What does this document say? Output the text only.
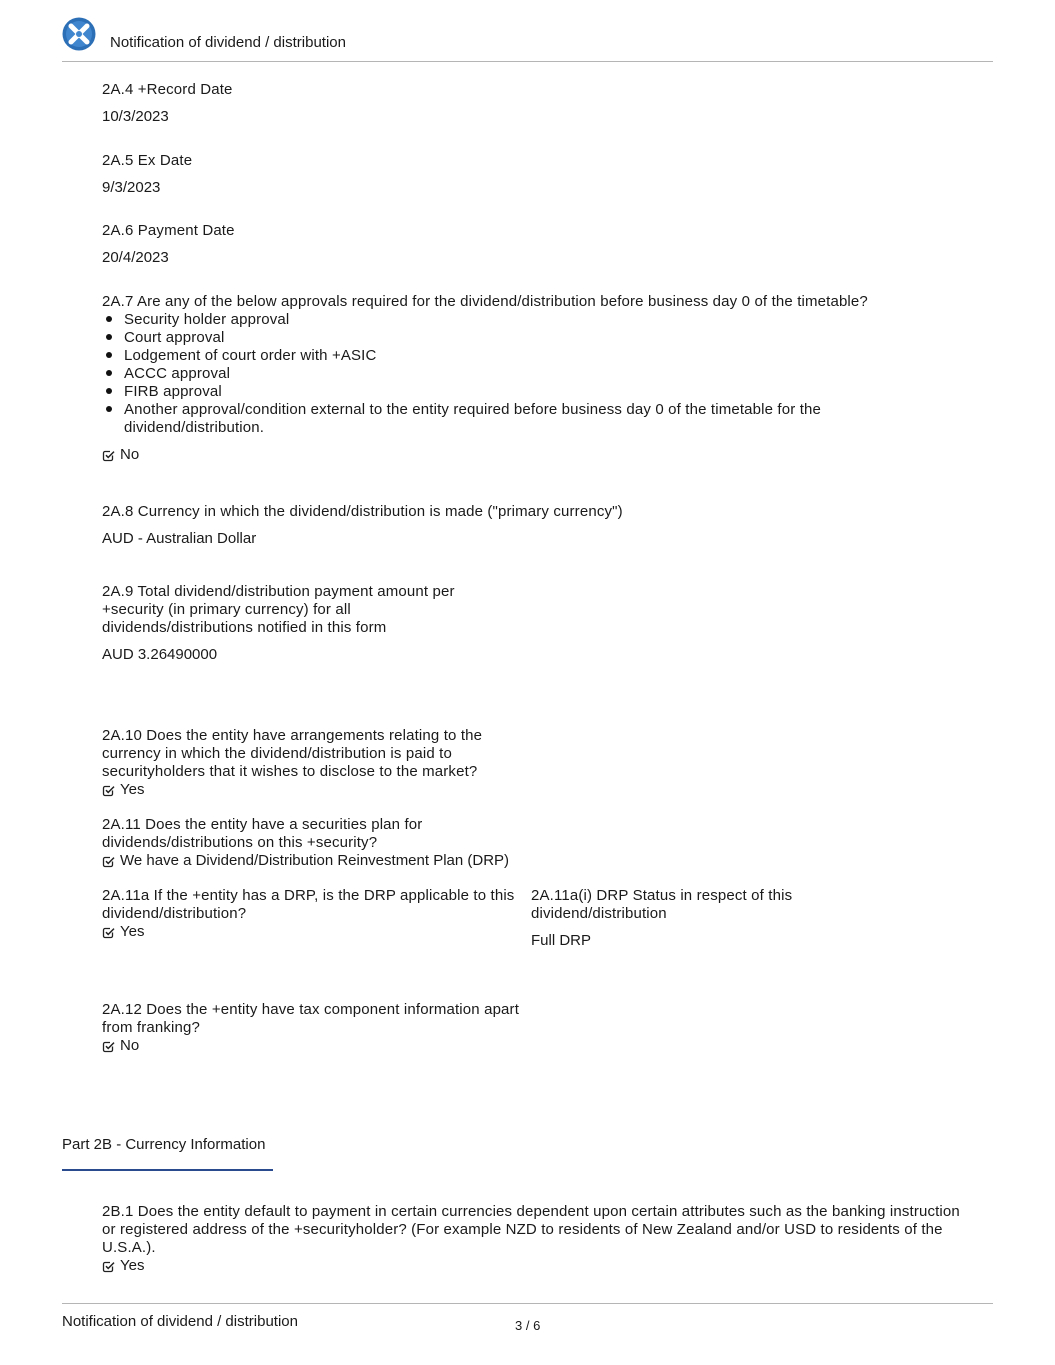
Notification of dividend / distribution
2A.4 +Record Date
10/3/2023
2A.5 Ex Date
9/3/2023
2A.6 Payment Date
20/4/2023
2A.7 Are any of the below approvals required for the dividend/distribution before business day 0 of the timetable?
Security holder approval
Court approval
Lodgement of court order with +ASIC
ACCC approval
FIRB approval
Another approval/condition external to the entity required before business day 0 of the timetable for the dividend/distribution.
No
2A.8 Currency in which the dividend/distribution is made ("primary currency")
AUD - Australian Dollar
2A.9 Total dividend/distribution payment amount per +security (in primary currency) for all dividends/distributions notified in this form
AUD 3.26490000
2A.10 Does the entity have arrangements relating to the currency in which the dividend/distribution is paid to securityholders that it wishes to disclose to the market?
Yes
2A.11 Does the entity have a securities plan for dividends/distributions on this +security?
We have a Dividend/Distribution Reinvestment Plan (DRP)
2A.11a If the +entity has a DRP, is the DRP applicable to this dividend/distribution?
Yes
2A.11a(i) DRP Status in respect of this dividend/distribution
Full DRP
2A.12 Does the +entity have tax component information apart from franking?
No
Part 2B - Currency Information
2B.1 Does the entity default to payment in certain currencies dependent upon certain attributes such as the banking instruction or registered address of the +securityholder? (For example NZD to residents of New Zealand and/or USD to residents of the U.S.A.).
Yes
Notification of dividend / distribution	3 / 6
